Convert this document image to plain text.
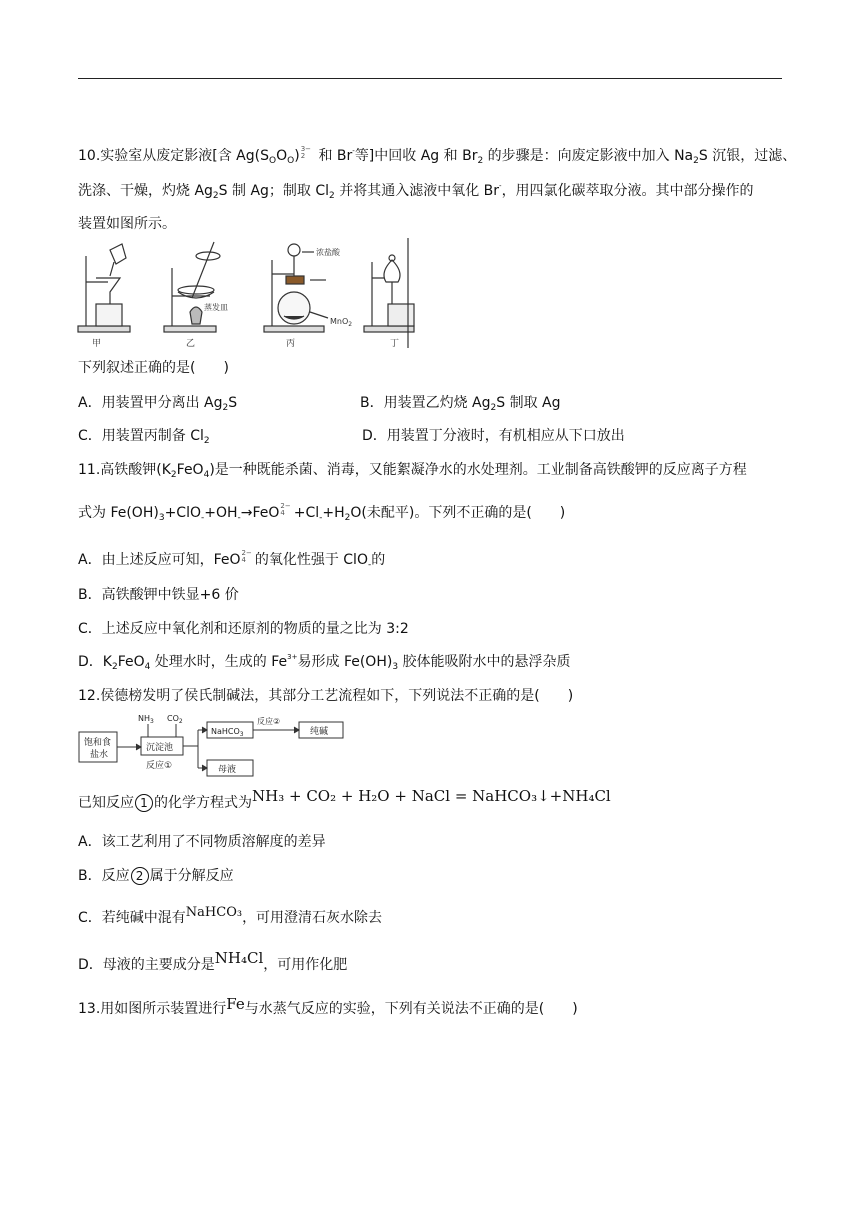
10.实验室从废定影液[含 $Ag(S_OO_O)3-$
2 和 Br-等]中回收 Ag 和 $Br_2$ 的步骤是：向废定影液中加入 $Na_2S$ 沉银，过滤、
洗涤、干燥，灼烧 $Ag_2S$ 制 Ag；制取 $Cl_2$ 并将其通入滤液中氧化 Br-，用四氯化碳萃取分液。其中部分操作的
装置如图所示。
甲	乙	丙	丁
蒸发皿
浓盐酸
MnO$_2$
下列叙述正确的是(　　)
A．用装置甲分离出 $Ag_2S$	B．用装置乙灼烧 $Ag_2S$ 制取 Ag
C．用装置丙制备 $Cl_2$	D．用装置丁分液时，有机相应从下口放出
11.高铁酸钾$(K_2FeO_4)$是一种既能杀菌、消毒，又能絮凝净水的水处理剂。工业制备高铁酸钾的反应离子方程
式为 $Fe(OH)_3+ClO_-+OH_-\to FeO2-$
$4 +Cl_-+H_2O$(未配平)。下列不正确的是(　　)
A．由上述反应可知，FeO2−
4 的氧化性强于 ClO$_-$的
B．高铁酸钾中铁显+6 价
C．上述反应中氧化剂和还原剂的物质的量之比为 3:2
D．$K_2FeO_4$ 处理水时，生成的 $Fe^{3+}$易形成 $Fe(OH)_3$ 胶体能吸附水中的悬浮杂质
12.侯德榜发明了侯氏制碱法，其部分工艺流程如下，下列说法不正确的是(　　)
饱和食
盐水
$NH_3$ $CO_2$
沉淀池
反应①
NaHCO$_3$
反应②
纯碱
母液
已知反应 1 的化学方程式为NH₃ + CO₂ + H₂O + NaCl = NaHCO₃↓+NH₄Cl
A．该工艺利用了不同物质溶解度的差异
B．反应 2 属于分解反应
C．若纯碱中混有NaHCO₃，可用澄清石灰水除去
D．母液的主要成分是NH₄Cl，可用作化肥
13.用如图所示装置进行Fe与水蒸气反应的实验，下列有关说法不正确的是(　　)
